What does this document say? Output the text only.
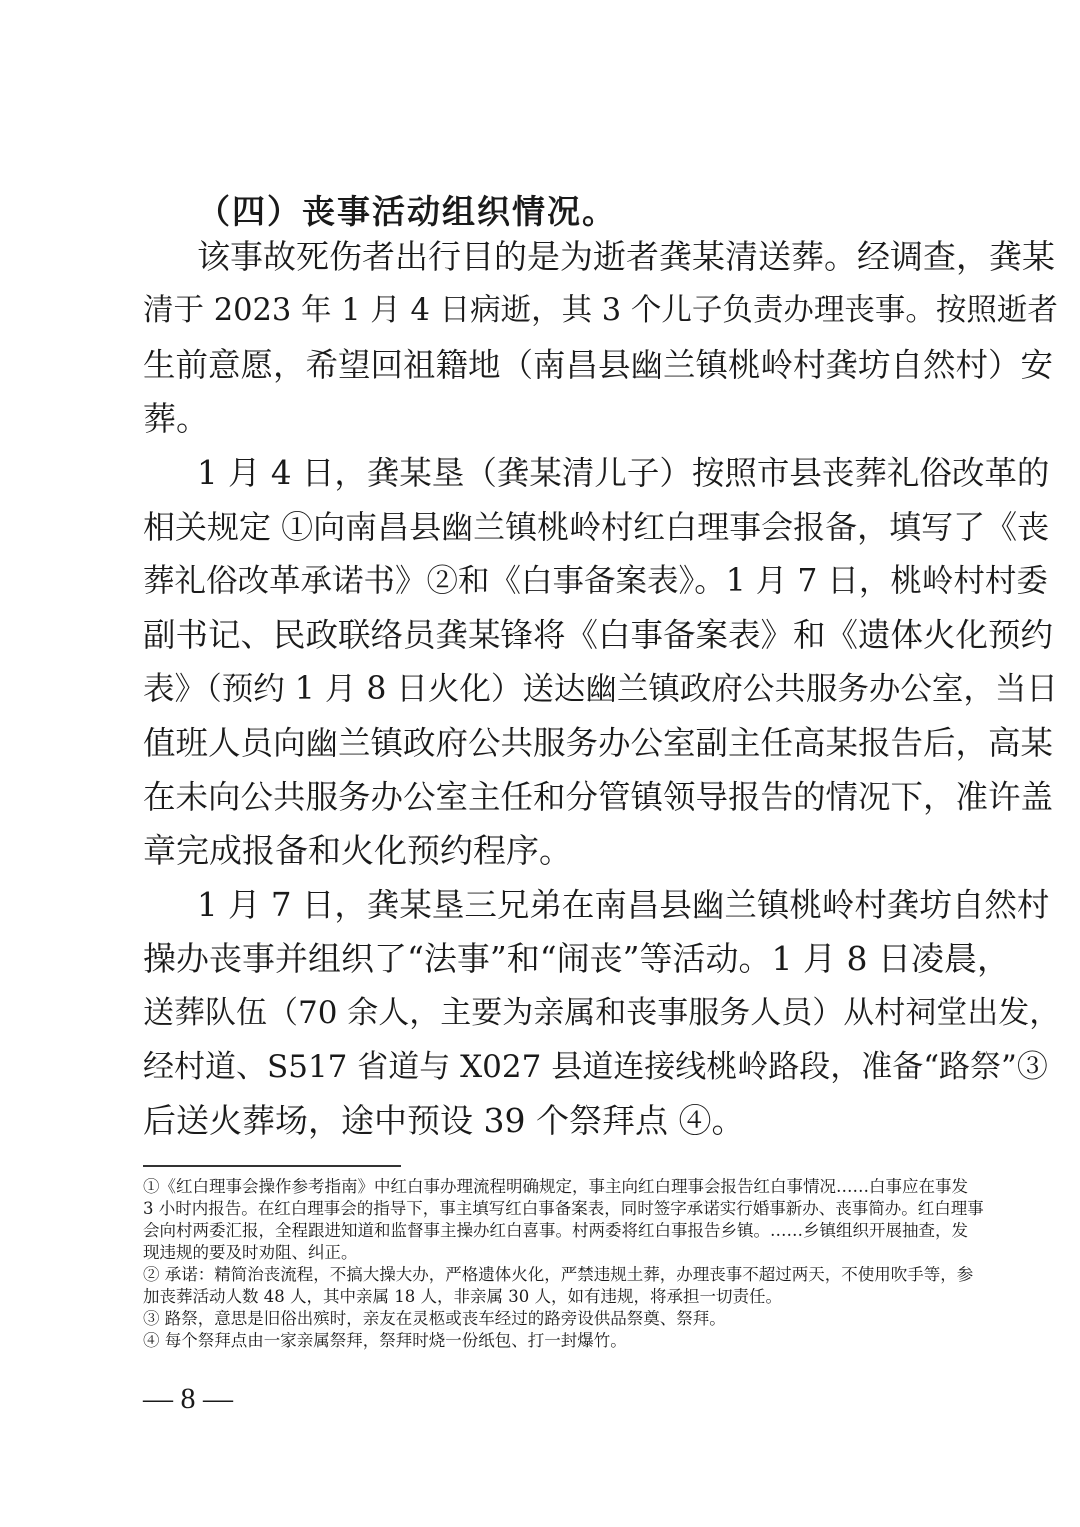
（四）丧事活动组织情况。
该事故死伤者出行目的是为逝者龚某清送葬。经调查，龚某
清于 2023 年 1 月 4 日病逝，其 3 个儿子负责办理丧事。按照逝者
生前意愿，希望回祖籍地（南昌县幽兰镇桃岭村龚坊自然村）安
葬。
1 月 4 日，龚某垦（龚某清儿子）按照市县丧葬礼俗改革的
相关规定 ①向南昌县幽兰镇桃岭村红白理事会报备，填写了《丧
葬礼俗改革承诺书》②和《白事备案表》。1 月 7 日，桃岭村村委
副书记、民政联络员龚某锋将《白事备案表》和《遗体火化预约
表》（预约 1 月 8 日火化）送达幽兰镇政府公共服务办公室，当日
值班人员向幽兰镇政府公共服务办公室副主任高某报告后，高某
在未向公共服务办公室主任和分管镇领导报告的情况下，准许盖
章完成报备和火化预约程序。
1 月 7 日，龚某垦三兄弟在南昌县幽兰镇桃岭村龚坊自然村
操办丧事并组织了“法事”和“闹丧”等活动。1 月 8 日凌晨，
送葬队伍（70 余人，主要为亲属和丧事服务人员）从村祠堂出发，
经村道、S517 省道与 X027 县道连接线桃岭路段，准备“路祭”③
后送火葬场，途中预设 39 个祭拜点 ④。
①《红白理事会操作参考指南》中红白事办理流程明确规定，事主向红白理事会报告红白事情况……白事应在事发
3 小时内报告。在红白理事会的指导下，事主填写红白事备案表，同时签字承诺实行婚事新办、丧事简办。红白理事
会向村两委汇报，全程跟进知道和监督事主操办红白喜事。村两委将红白事报告乡镇。……乡镇组织开展抽查，发
现违规的要及时劝阻、纠正。
② 承诺：精简治丧流程，不搞大操大办，严格遗体火化，严禁违规土葬，办理丧事不超过两天，不使用吹手等，参
加丧葬活动人数 48 人，其中亲属 18 人，非亲属 30 人，如有违规，将承担一切责任。
③ 路祭，意思是旧俗出殡时，亲友在灵柩或丧车经过的路旁设供品祭奠、祭拜。
④ 每个祭拜点由一家亲属祭拜，祭拜时烧一份纸包、打一封爆竹。
— 8 —
